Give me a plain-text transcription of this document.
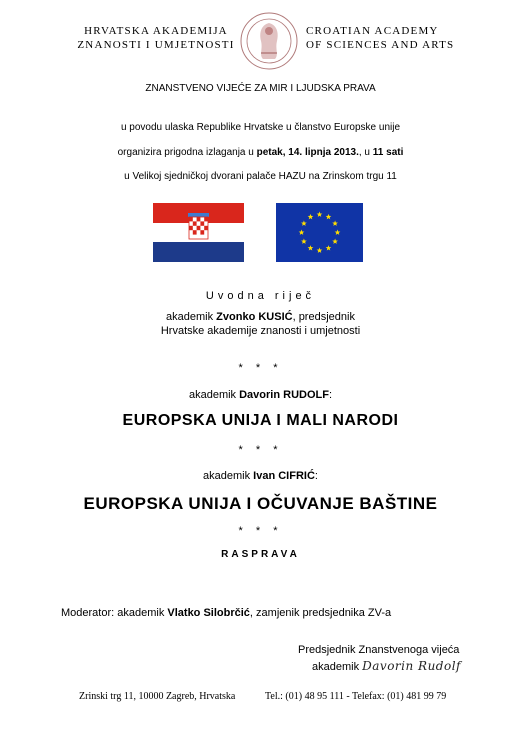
HRVATSKA AKADEMIJA
ZNANOSTI I UMJETNOSTI
CROATIAN ACADEMY
OF SCIENCES AND ARTS
ZNANSTVENO VIJEĆE ZA MIR I LJUDSKA PRAVA
u povodu ulaska Republike Hrvatske u članstvo Europske unije
organizira prigodna izlaganja u petak, 14. lipnja 2013., u 11 sati
u Velikoj sjedničkoj dvorani palače HAZU na Zrinskom trgu 11
Uvodna riječ
akademik Zvonko KUSIĆ, predsjednik
Hrvatske akademije znanosti i umjetnosti
* * *
akademik Davorin RUDOLF:
EUROPSKA UNIJA I MALI NARODI
* * *
akademik Ivan CIFRIĆ:
EUROPSKA UNIJA I OČUVANJE BAŠTINE
* * *
RASPRAVA
Moderator: akademik Vlatko Silobrčić, zamjenik predsjednika ZV-a
Predsjednik Znanstvenoga vijeća
akademik Davorin Rudolf
Zrinski trg 11, 10000 Zagreb, Hrvatska	Tel.: (01) 48 95 111 - Telefax: (01) 481 99 79
